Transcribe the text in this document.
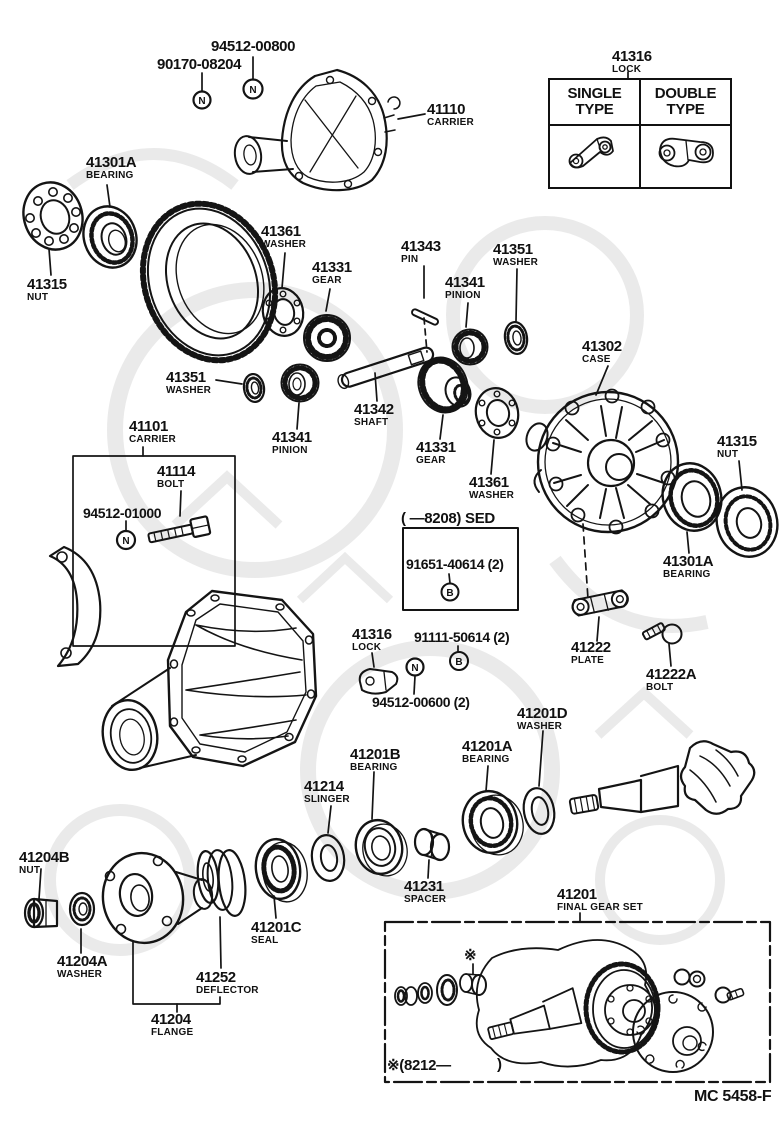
N
N
N
N
B
B
41316
LOCK
SINGLE
TYPE
DOUBLE
TYPE
94512-00800
90170-08204
41110
CARRIER
41301A
BEARING
41315
NUT
41361
WASHER
41331
GEAR
41343
PIN
41351
WASHER
41341
PINION
41302
CASE
41351
WASHER
41341
PINION
41342
SHAFT
41331
GEAR
41361
WASHER
41315
NUT
41301A
BEARING
41101
CARRIER
41114
BOLT
94512-01000	( —8208) SED
91651-40614 (2)
41316
LOCK
91111-50614 (2)
94512-00600 (2)
41222
PLATE
41222A
BOLT
41201D
WASHER
41201B
BEARING
41201A
BEARING
41214
SLINGER
41231
SPACER
41204B
NUT
41204A
WASHER	41252
DEFLECTOR
41201C
SEAL
41204
FLANGE
41201
FINAL GEAR SET
※
※(8212—	)
MC 5458-F
